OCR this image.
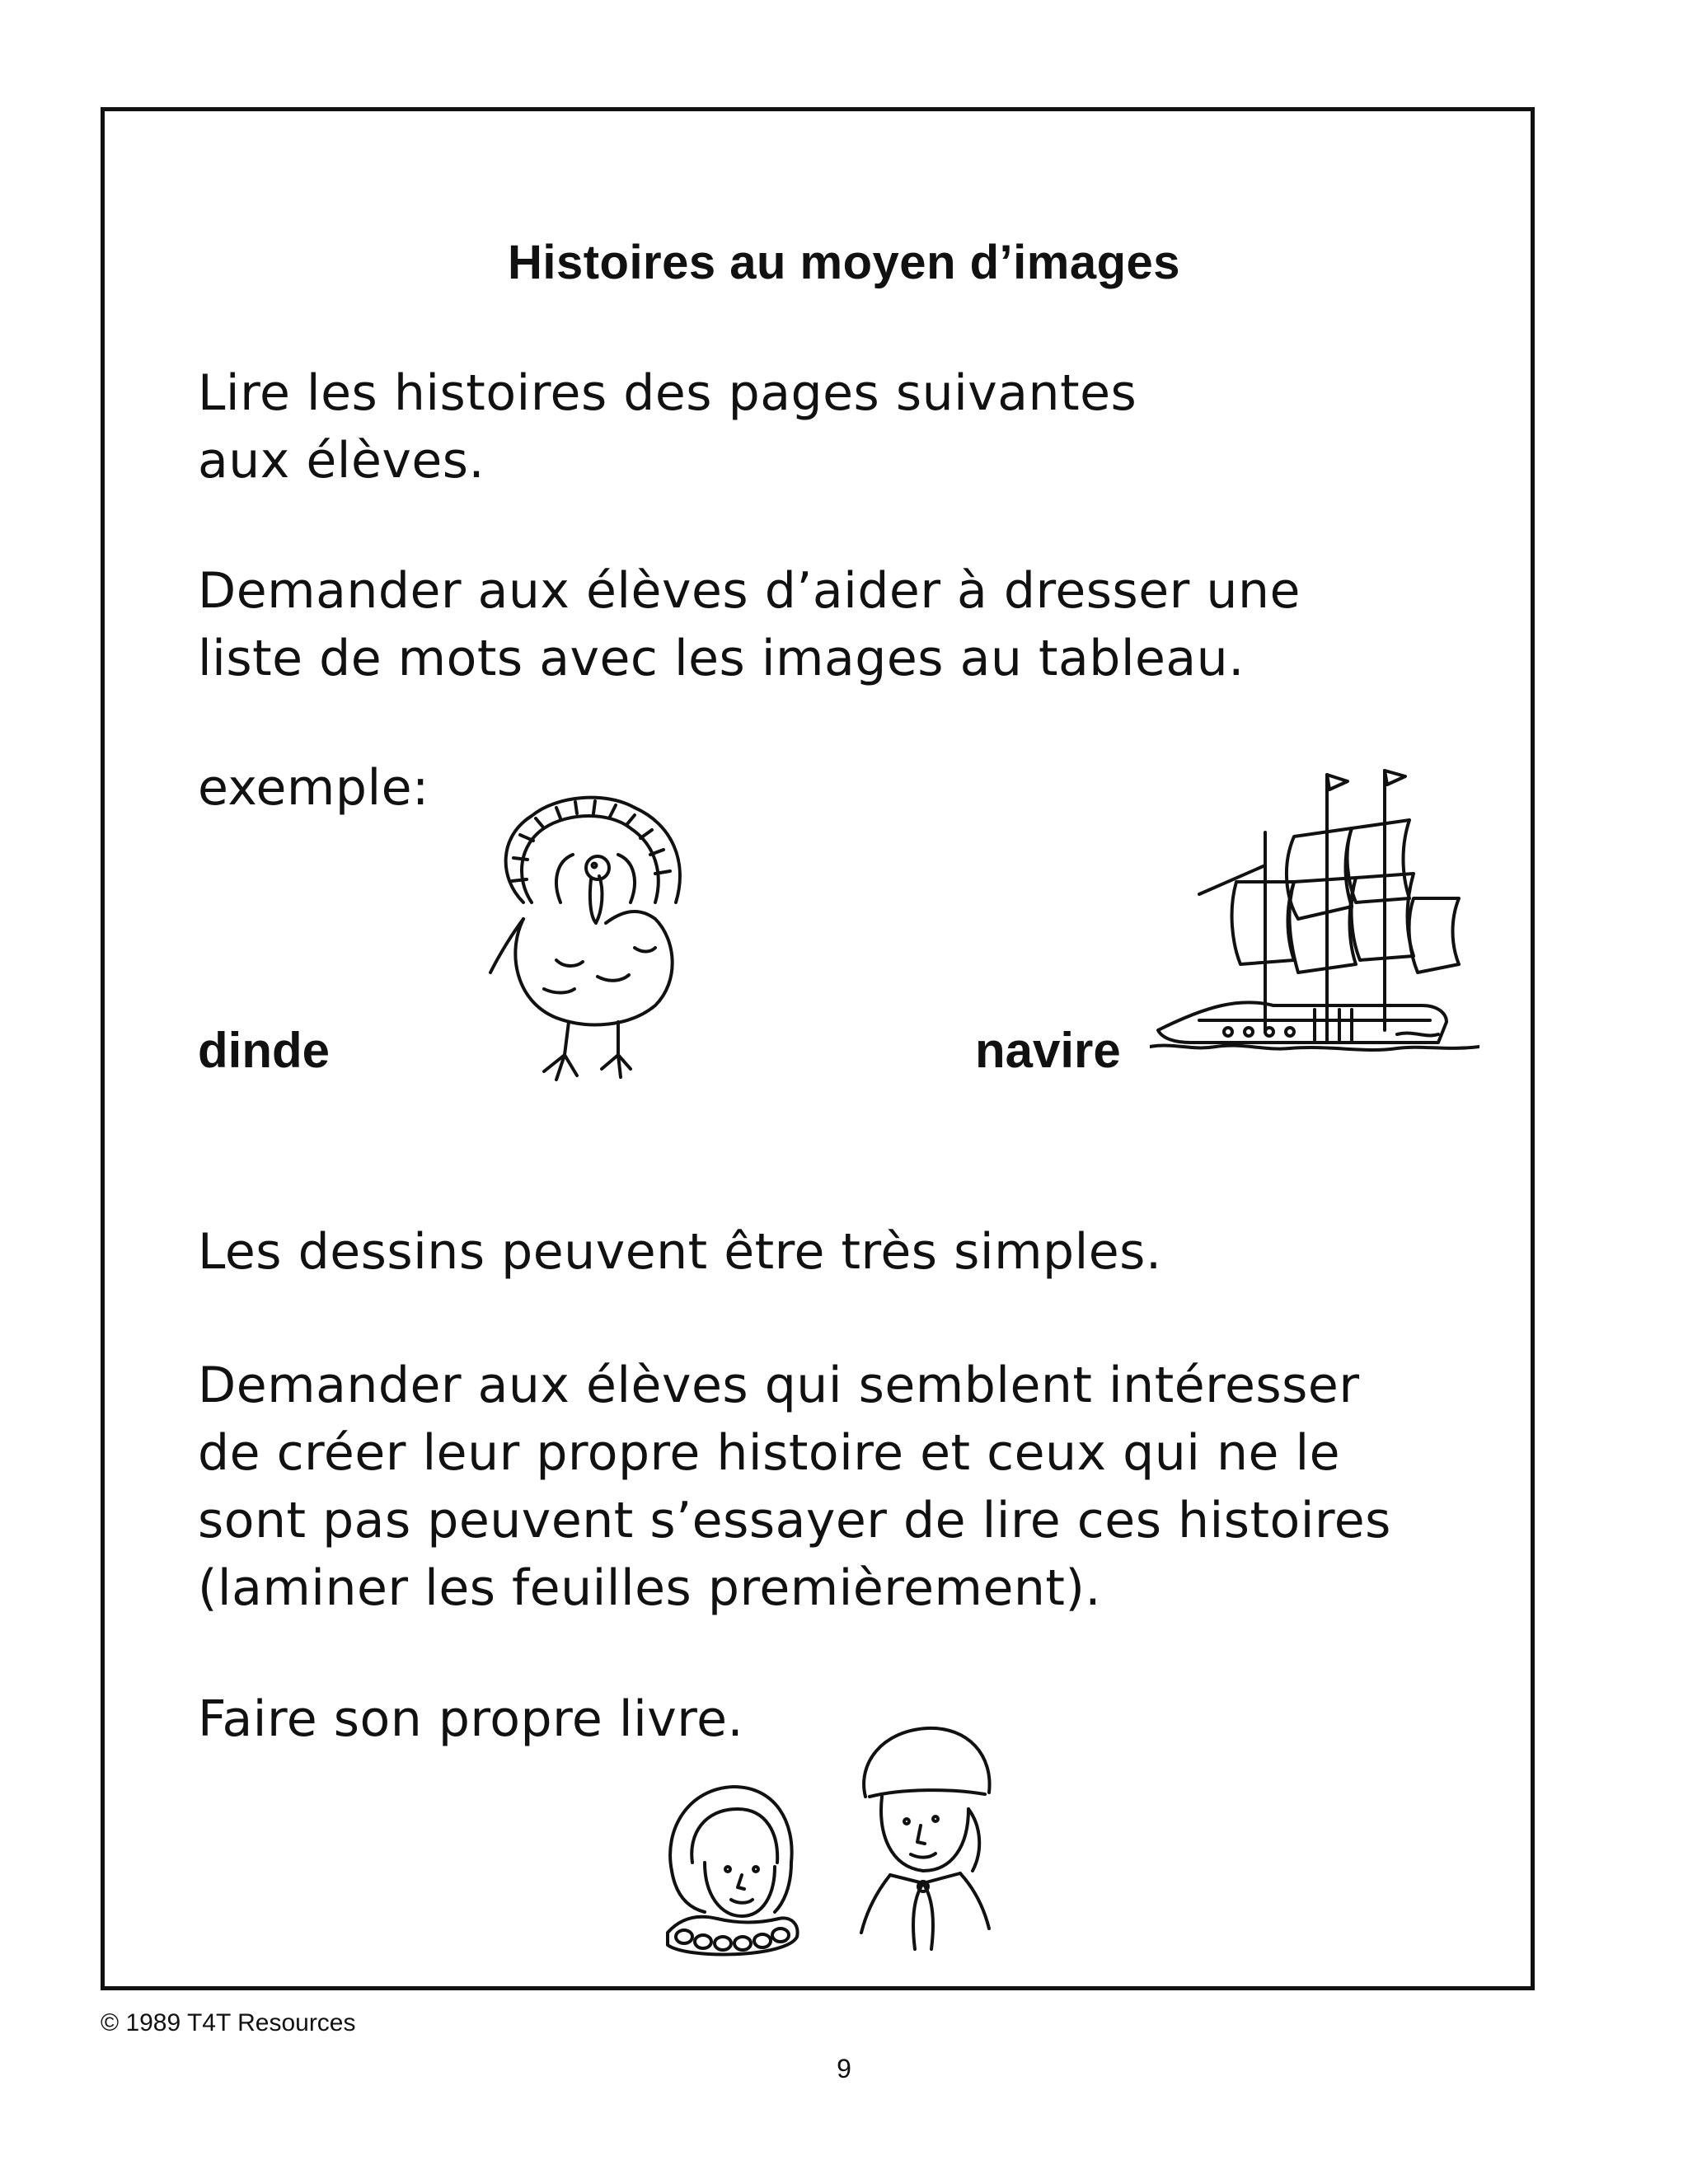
Histoires au moyen d’images
Lire les histoires des pages suivantes
aux élèves.
Demander aux élèves d’aider à dresser une
liste de mots avec les images au tableau.
exemple:
dinde	navire
Les dessins peuvent être très simples.
Demander aux élèves qui semblent intéresser
de créer leur propre histoire et ceux qui ne le
sont pas peuvent s’essayer de lire ces histoires
(laminer les feuilles premièrement).
Faire son propre livre.
© 1989 T4T Resources
9
